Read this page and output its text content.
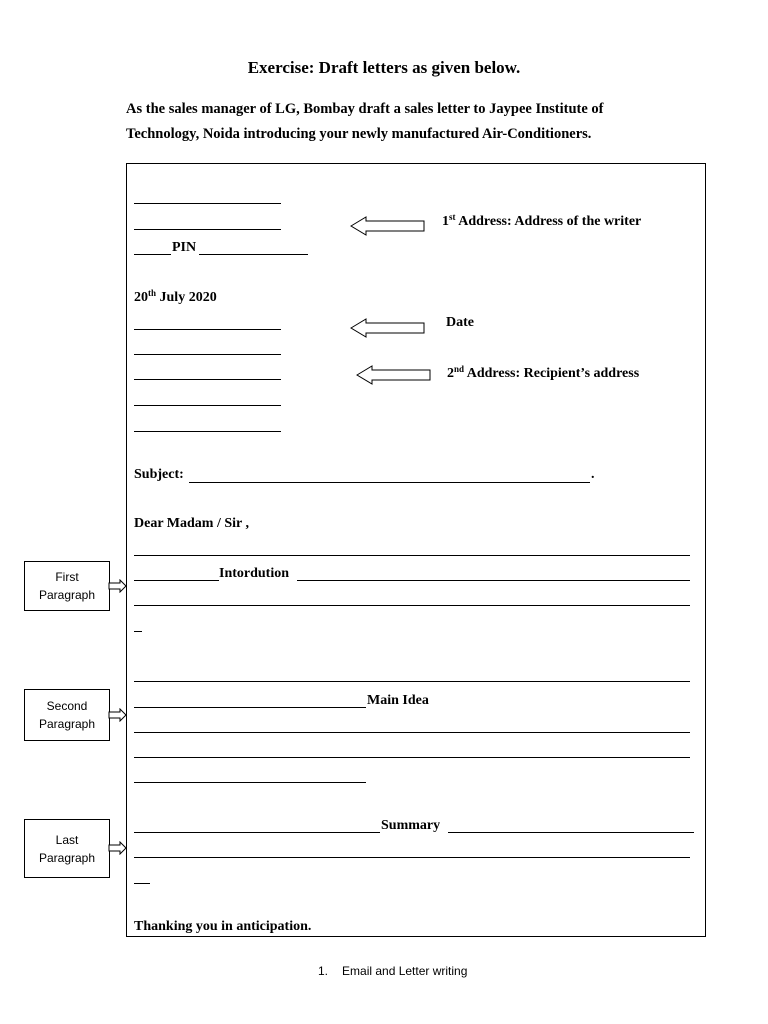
Exercise: Draft letters as given below.
As the sales manager of LG, Bombay draft a sales letter to Jaypee Institute of
Technology, Noida introducing your newly manufactured Air-Conditioners.
PIN
1st Address: Address of the writer
20th July 2020
Date
2nd Address: Recipient’s address
Subject:	.
Dear Madam / Sir ,
Intordution
Main Idea
Summary
Thanking you in anticipation.
First
Paragraph
Second
Paragraph
Last
Paragraph
1. Email and Letter writing
